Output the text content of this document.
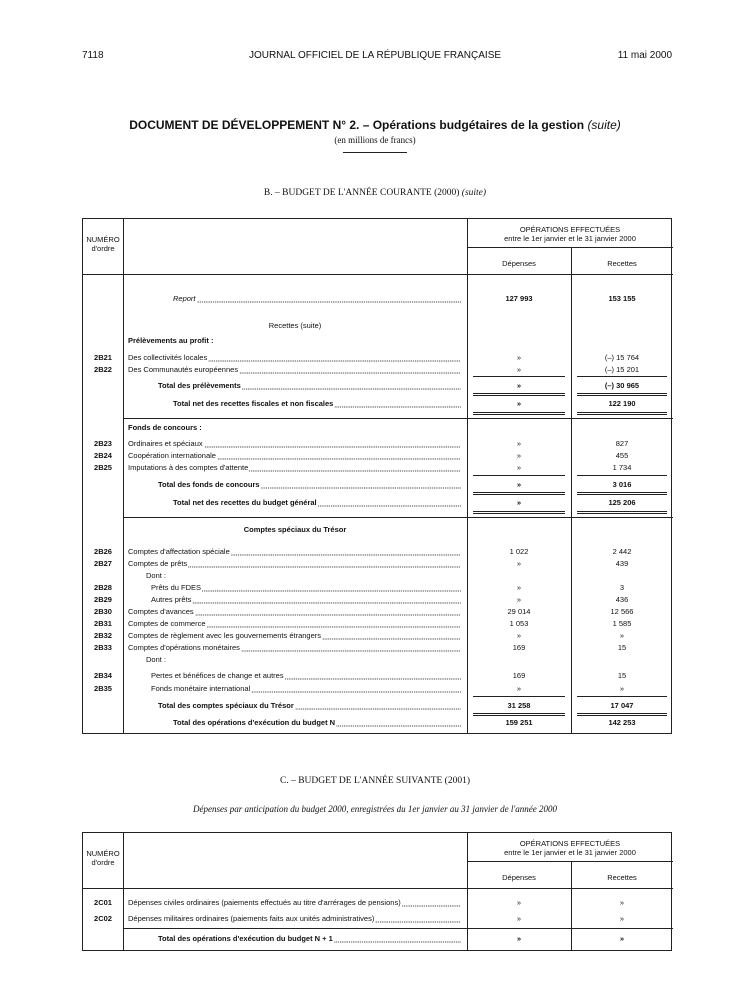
7118	JOURNAL OFFICIEL DE LA RÉPUBLIQUE FRANÇAISE	11 mai 2000
DOCUMENT DE DÉVELOPPEMENT N° 2. – Opérations budgétaires de la gestion (suite)
(en millions de francs)
B. – BUDGET DE L'ANNÉE COURANTE (2000) (suite)
NUMÉRO
d'ordre
OPÉRATIONS EFFECTUÉES
entre le 1er janvier et le 31 janvier 2000
Dépenses	Recettes
Report	127 993	153 155
Recettes (suite)
Prélèvements au profit :
2B21	Des collectivités locales	»	(–) 15 764
2B22	Des Communautés européennes	»	(–) 15 201
Total des prélèvements	»	(–) 30 965
Total net des recettes fiscales et non fiscales	»	122 190
Fonds de concours :
2B23	Ordinaires et spéciaux	»	827
2B24	Coopération internationale	»	455
2B25	Imputations à des comptes d'attente	»	1 734
Total des fonds de concours	»	3 016
Total net des recettes du budget général	»	125 206
Comptes spéciaux du Trésor
2B26	Comptes d'affectation spéciale	1 022	2 442
2B27	Comptes de prêts	»	439
Dont :
2B28	Prêts du FDES	»	3
2B29	Autres prêts	»	436
2B30	Comptes d'avances	29 014	12 566
2B31	Comptes de commerce	1 053	1 585
2B32	Comptes de règlement avec les gouvernements étrangers	»	»
2B33	Comptes d'opérations monétaires	169	15
Dont :
2B34	Pertes et bénéfices de change et autres	169	15
2B35	Fonds monétaire international	»	»
Total des comptes spéciaux du Trésor	31 258	17 047
Total des opérations d'exécution du budget N	159 251	142 253
C. – BUDGET DE L'ANNÉE SUIVANTE (2001)
Dépenses par anticipation du budget 2000, enregistrées du 1er janvier au 31 janvier de l'année 2000
NUMÉRO
d'ordre
OPÉRATIONS EFFECTUÉES
entre le 1er janvier et le 31 janvier 2000
Dépenses	Recettes
2C01	Dépenses civiles ordinaires (paiements effectués au titre d'arrérages de pensions)	»	»
2C02	Dépenses militaires ordinaires (paiements faits aux unités administratives)	»	»
Total des opérations d'exécution du budget N + 1	»	»
